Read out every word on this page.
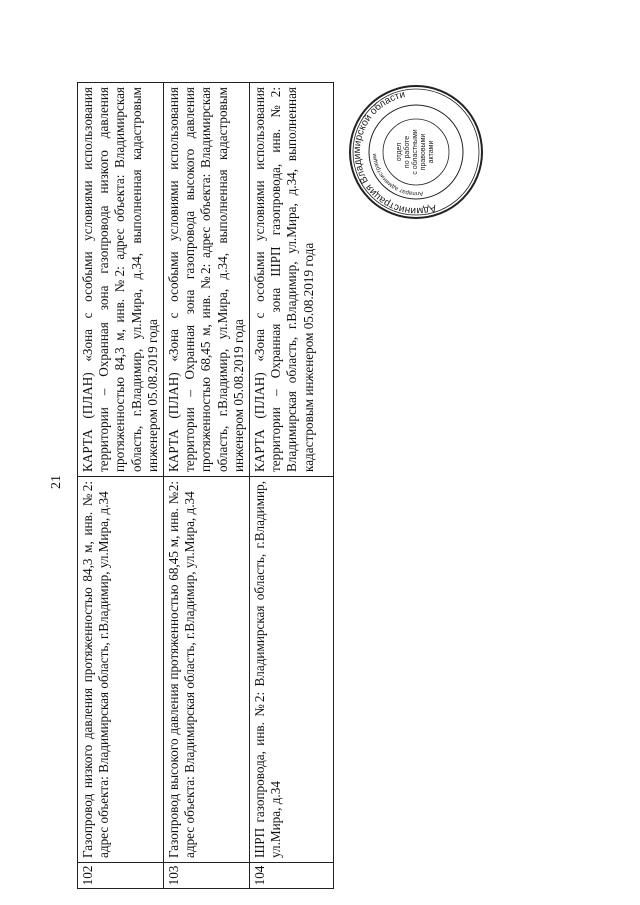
21
102	Газопровод низкого давления протяженностью 84,3 м, инв. №2: адрес объекта: Владимирская область, г.Владимир, ул.Мира, д.34	КАРТА (ПЛАН) «Зона с особыми условиями использования территории – Охранная зона газопровода низкого давления протяженностью 84,3 м, инв. №2: адрес объекта: Владимирская область, г.Владимир, ул.Мира, д.34, выполненная кадастровым инженером 05.08.2019 года
103	Газопровод высокого давления протяженностью 68,45 м, инв. №2: адрес объекта: Владимирская область, г.Владимир, ул.Мира, д.34	КАРТА (ПЛАН) «Зона с особыми условиями использования территории – Охранная зона газопровода высокого давления протяженностью 68,45 м, инв. №2: адрес объекта: Владимирская область, г.Владимир, ул.Мира, д.34, выполненная кадастровым инженером 05.08.2019 года
104	ШРП газопровода, инв. №2: Владимирская область, г.Владимир, ул.Мира, д.34	КАРТА (ПЛАН) «Зона с особыми условиями использования территории – Охранная зона ШРП газопровода, инв. №2: Владимирская область, г.Владимир, ул.Мира, д.34, выполненная кадастровым инженером 05.08.2019 года
Администрация Владимирской области
Аппарат администрации	отдел по работе с областными правовыми актами
